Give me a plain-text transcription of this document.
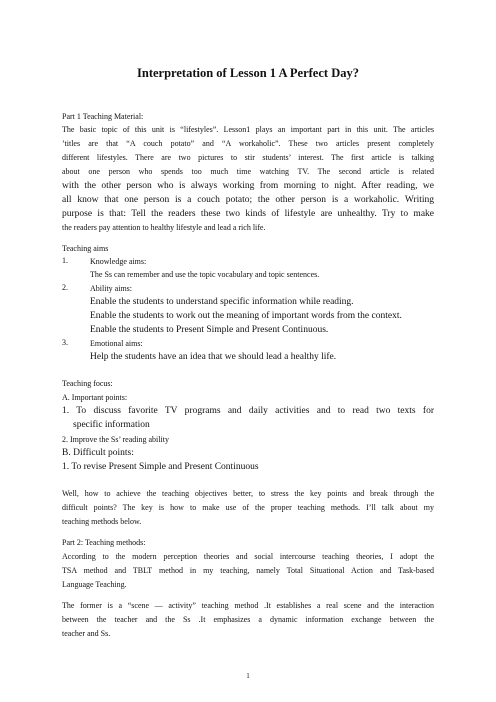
Interpretation of Lesson 1 A Perfect Day?
Part 1 Teaching Material:
The basic topic of this unit is “lifestyles”. Lesson1 plays an important part in this unit. The articles
’titles are that “A couch potato” and “A workaholic”. These two articles present completely
different lifestyles. There are two pictures to stir students’ interest. The first article is talking
about one person who spends too much time watching TV. The second article is related
with the other person who is always working from morning to night. After reading, we
all know that one person is a couch potato; the other person is a workaholic. Writing
purpose is that: Tell the readers these two kinds of lifestyle are unhealthy. Try to make
the readers pay attention to healthy lifestyle and lead a rich life.
Teaching aims
1.	Knowledge aims:
The Ss can remember and use the topic vocabulary and topic sentences.
2.	Ability aims:
Enable the students to understand specific information while reading.
Enable the students to work out the meaning of important words from the context.
Enable the students to Present Simple and Present Continuous.
3.	Emotional aims:
Help the students have an idea that we should lead a healthy life.
Teaching focus:
A. Important points:
1. To discuss favorite TV programs and daily activities and to read two texts for
specific information
2. Improve the Ss’ reading ability
B. Difficult points:
1. To revise Present Simple and Present Continuous
Well, how to achieve the teaching objectives better, to stress the key points and break through the
difficult points? The key is how to make use of the proper teaching methods. I’ll talk about my
teaching methods below.
Part 2: Teaching methods:
According to the modern perception theories and social intercourse teaching theories, I adopt the
TSA method and TBLT method in my teaching, namely Total Situational Action and Task-based
Language Teaching.
The former is a “scene — activity” teaching method .It establishes a real scene and the interaction
between the teacher and the Ss .It emphasizes a dynamic information exchange between the
teacher and Ss.
1
